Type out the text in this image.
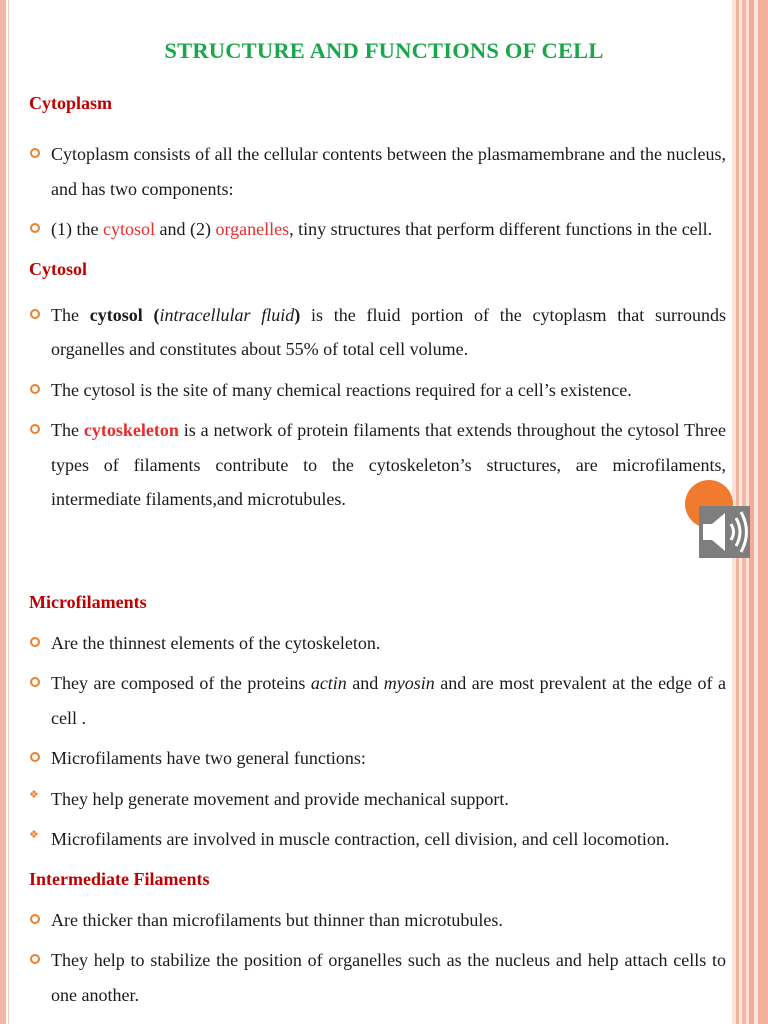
STRUCTURE AND FUNCTIONS OF CELL
Cytoplasm
Cytoplasm consists of all the cellular contents between the plasmamembrane and the nucleus, and has two components:
(1) the cytosol and (2) organelles, tiny structures that perform different functions in the cell.
Cytosol
The cytosol (intracellular fluid) is the fluid portion of the cytoplasm that surrounds organelles and constitutes about 55% of total cell volume.
The cytosol is the site of many chemical reactions required for a cell’s existence.
The cytoskeleton is a network of protein filaments that extends throughout the cytosol Three types of filaments contribute to the cytoskeleton’s structures, are microfilaments, intermediate filaments,and microtubules.
Microfilaments
Are the thinnest elements of the cytoskeleton.
They are composed of the proteins actin and myosin and are most prevalent at the edge of a cell .
Microfilaments have two general functions:
❖ They help generate movement and provide mechanical support.
❖ Microfilaments are involved in muscle contraction, cell division, and cell locomotion.
Intermediate Filaments
Are thicker than microfilaments but thinner than microtubules.
They help to stabilize the position of organelles such as the nucleus and help attach cells to one another.
